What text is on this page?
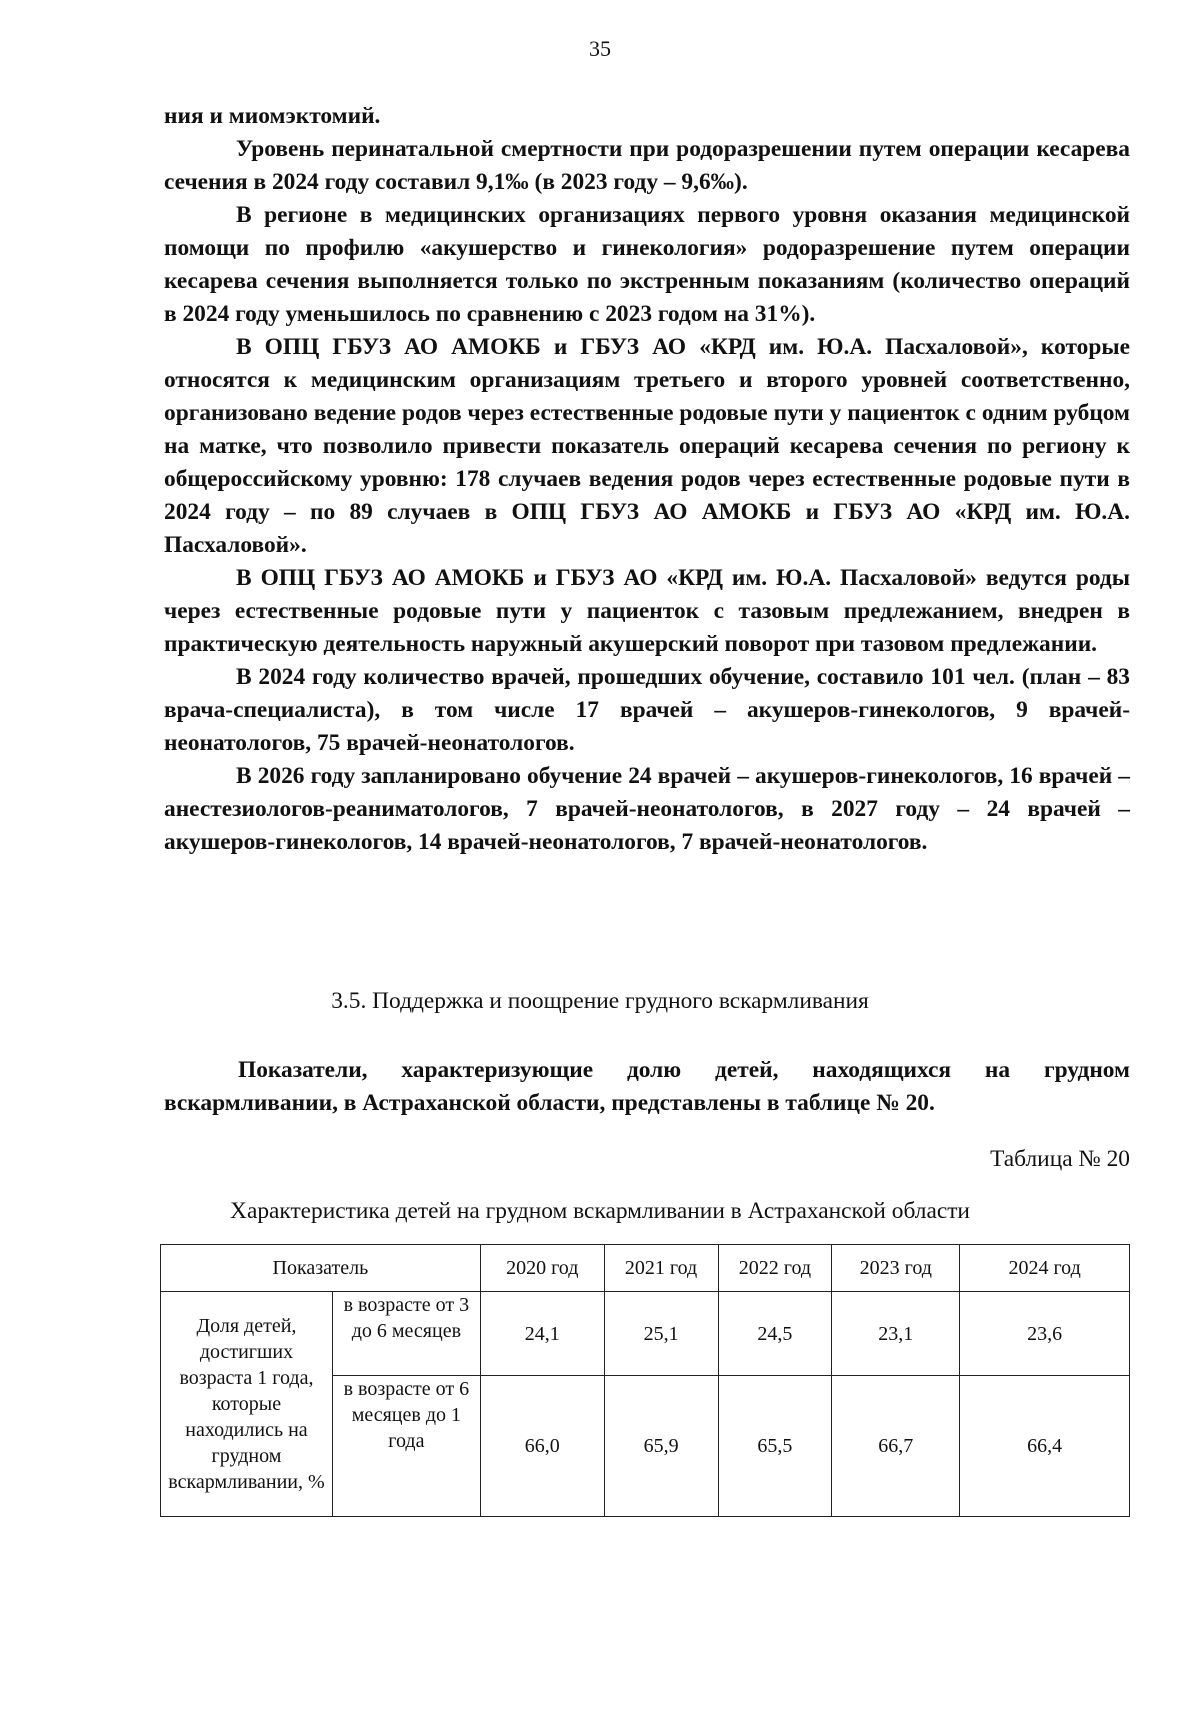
35

ния и миомэктомий.

Уровень перинатальной смертности при родоразрешении путем операции кесарева сечения в 2024 году составил 9,1‰ (в 2023 году – 9,6‰).

В регионе в медицинских организациях первого уровня оказания медицинской помощи по профилю «акушерство и гинекология» родоразрешение путем операции кесарева сечения выполняется только по экстренным показаниям (количество операций в 2024 году уменьшилось по сравнению с 2023 годом на 31%).

В ОПЦ ГБУЗ АО АМОКБ и ГБУЗ АО «КРД им. Ю.А. Пасхаловой», которые относятся к медицинским организациям третьего и второго уровней соответственно, организовано ведение родов через естественные родовые пути у пациенток с одним рубцом на матке, что позволило привести показатель операций кесарева сечения по региону к общероссийскому уровню: 178 случаев ведения родов через естественные родовые пути в 2024 году – по 89 случаев в ОПЦ ГБУЗ АО АМОКБ и ГБУЗ АО «КРД им. Ю.А. Пасхаловой».

В ОПЦ ГБУЗ АО АМОКБ и ГБУЗ АО «КРД им. Ю.А. Пасхаловой» ведутся роды через естественные родовые пути у пациенток с тазовым предлежанием, внедрен в практическую деятельность наружный акушерский поворот при тазовом предлежании.

В 2024 году количество врачей, прошедших обучение, составило 101 чел. (план – 83 врача-специалиста), в том числе 17 врачей – акушеров-гинекологов, 9 врачей-неонатологов, 75 врачей-неонатологов.

В 2026 году запланировано обучение 24 врачей – акушеров-гинекологов, 16 врачей – анестезиологов-реаниматологов, 7 врачей-неонатологов, в 2027 году – 24 врачей – акушеров-гинекологов, 14 врачей-неонатологов, 7 врачей-неонатологов.

3.5. Поддержка и поощрение грудного вскармливания

Показатели, характеризующие долю детей, находящихся на грудном вскармливании, в Астраханской области, представлены в таблице № 20.

Таблица № 20
Характеристика детей на грудном вскармливании в Астраханской области
Показатель		2020 год	2021 год	2022 год	2023 год	2024 год
Доля детей, достигших возраста 1 года, которые находились на грудном вскармливании, %	в возрасте от 3 до 6 месяцев	24,1	25,1	24,5	23,1	23,6
	в возрасте от 6 месяцев до 1 года	66,0	65,9	65,5	66,7	66,4
